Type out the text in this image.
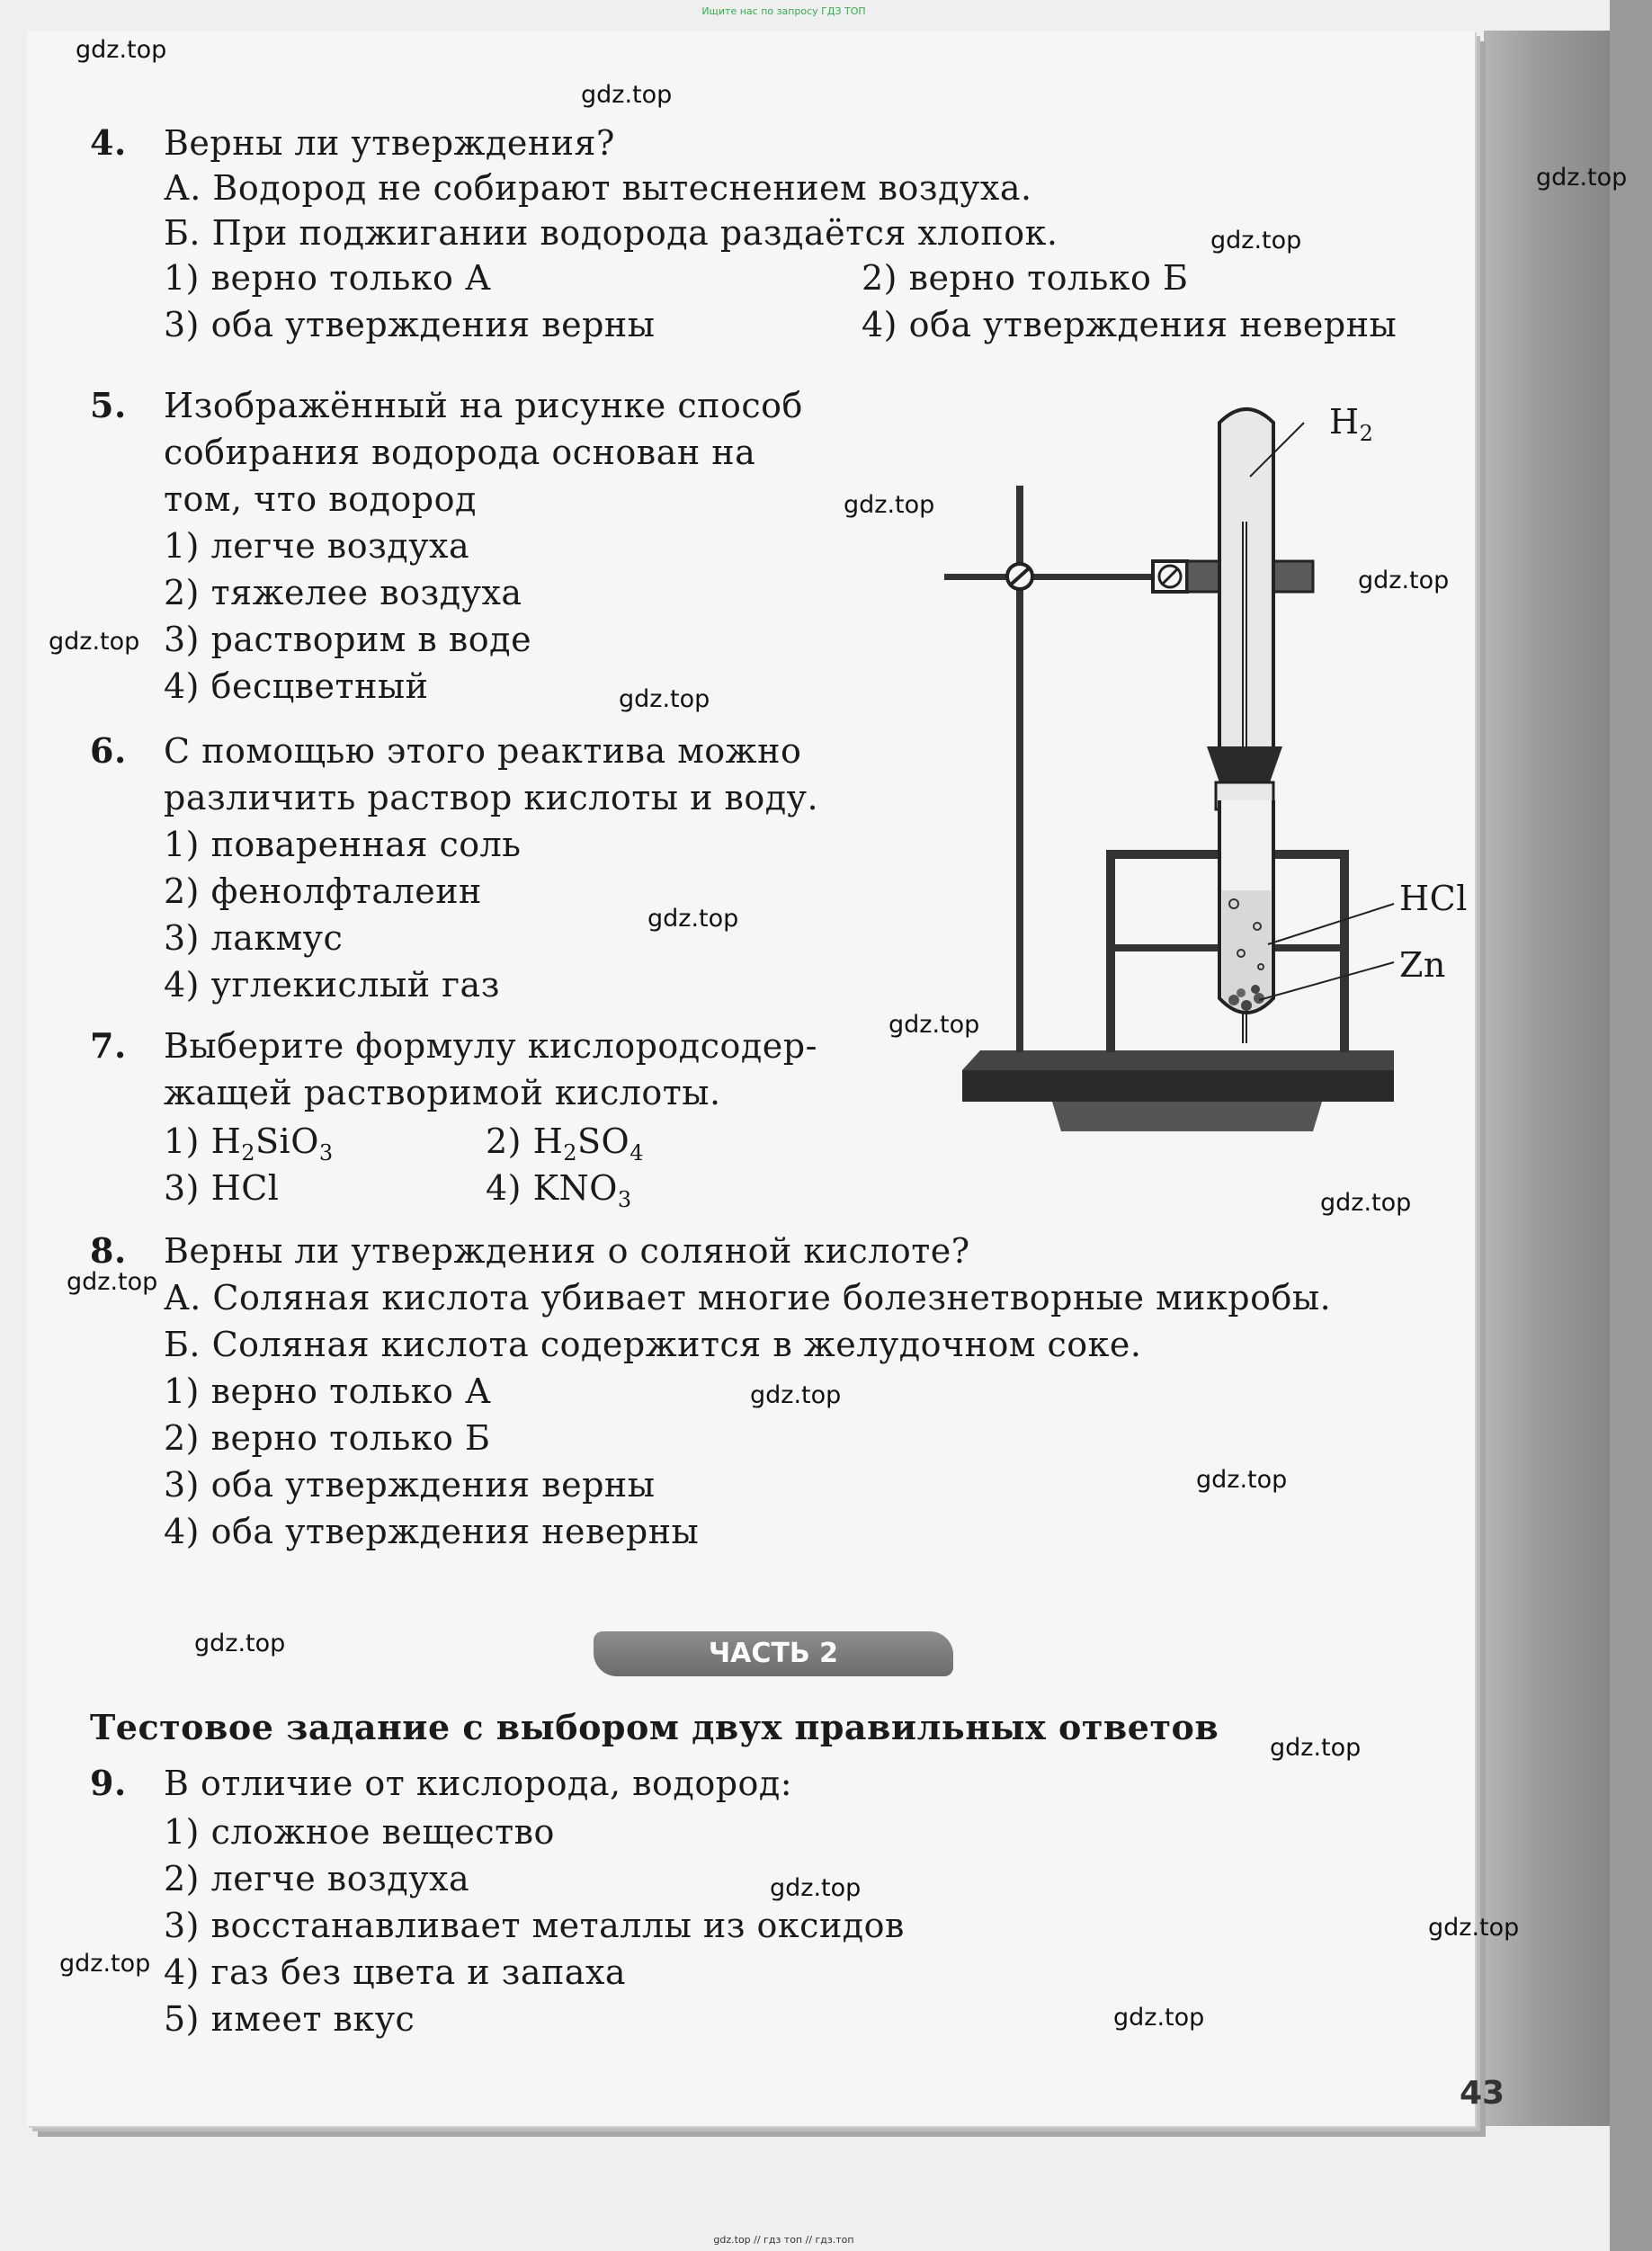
Ищите нас по запросу ГДЗ ТОП
gdz.top
gdz.top
gdz.top
gdz.top
gdz.top
gdz.top
gdz.top
gdz.top
gdz.top
gdz.top
gdz.top
gdz.top
gdz.top
gdz.top
gdz.top
gdz.top
gdz.top
gdz.top
gdz.top
gdz.top
4. Верны ли утверждения?
А. Водород не собирают вытеснением воздуха.
Б. При поджигании водорода раздаётся хлопок.
1) верно только А	2) верно только Б
3) оба утверждения верны	4) оба утверждения неверны
5. Изображённый на рисунке способ
собирания водорода основан на
том, что водород
1) легче воздуха
2) тяжелее воздуха
3) растворим в воде
4) бесцветный
6. С помощью этого реактива можно
различить раствор кислоты и воду.
1) поваренная соль
2) фенолфталеин
3) лакмус
4) углекислый газ
7. Выберите формулу кислородсодер-
жащей растворимой кислоты.
1) $H_2SiO_3$	2) $H_2SO_4$
3) HCl	4) $KNO_3$
8. Верны ли утверждения о соляной кислоте?
А. Соляная кислота убивает многие болезнетворные микробы.
Б. Соляная кислота содержится в желудочном соке.
1) верно только А
2) верно только Б
3) оба утверждения верны
4) оба утверждения неверны
ЧАСТЬ 2
Тестовое задание с выбором двух правильных ответов
9. В отличие от кислорода, водород:
1) сложное вещество
2) легче воздуха
3) восстанавливает металлы из оксидов
4) газ без цвета и запаха
5) имеет вкус
$H_2$
HCl
Zn
43
gdz.top // гдз топ // гдз.топ
